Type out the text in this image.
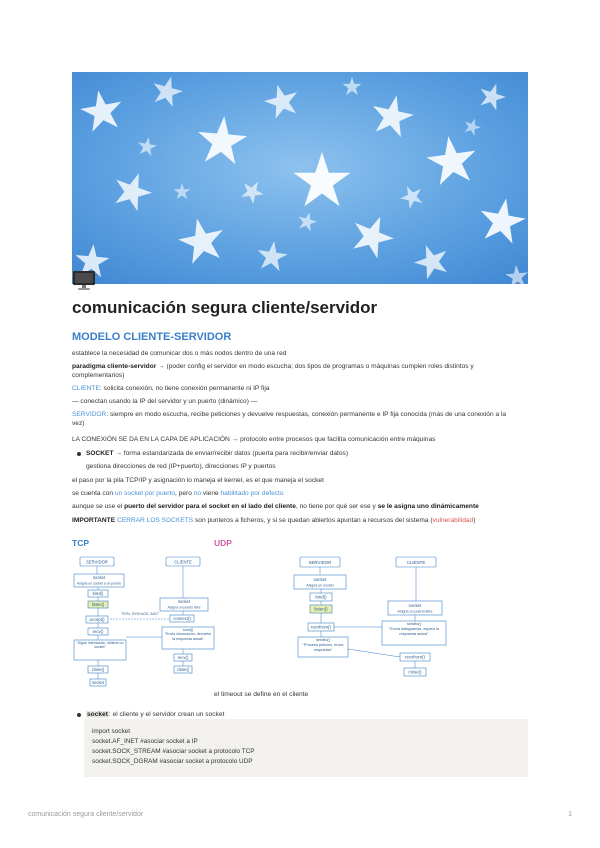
comunicación segura cliente/servidor
MODELO CLIENTE-SERVIDOR

establece la necesidad de comunicar dos o más nodos dentro de una red

paradigma cliente-servidor → (poder config el servidor en modo escucha; dos tipos de programas o máquinas cumplen roles distintos y complementarios)

CLIENTE: solicita conexión, no tiene conexión permanente ni IP fija

— conectan usando la IP del servidor y un puerto (dinámico) —

SERVIDOR: siempre en modo escucha, recibe peticiones y devuelve respuestas, conexión permanente e IP fija conocida (más de una conexión a la vez)

LA CONEXIÓN SE DA EN LA CAPA DE APLICACIÓN → protocolo entre procesos que facilita comunicación entre máquinas

SOCKET → forma estandarizada de enviar/recibir datos (puerta para recibir/enviar datos)

gestiona direcciones de red (IP+puerto), direcciones IP y puertos

el paso por la pila TCP/IP y asignación lo maneja el kernel, es el que maneja el socket

se cuenta con un socket por puerto, pero no viene habilitado por defecto

aunque se use el puerto del servidor para el socket en el lado del cliente, no tiene por qué ser ese y se le asigna uno dinámicamente

IMPORTANTE CERRAR LOS SOCKETS son punteros a ficheros, y si se quedan abiertos apuntan a recursos del sistema (vulnerabilidad)

TCP	UDP

SERVIDOR	CLIENTE
socket
Asigna un socket a un puerto
bind()
listen()
socket
Asigna un puerto libre
accept()
"SYN, SYN+ACK, ACK"
connect()
recv()
"Sigue intentando, obtiene un socket"
send()
"Envía información, devuelve la respuesta actual"
recv()
close()	close()
socket
SERVIDOR	CLIENTE
socket
Asigna un socket
bind()
listen()
socket
Asigna un puerto libre
recvfrom()
sendto()
"Envía datagramas, espera la respuesta actual"
sendto()
"Procesa petición, envía respuesta"
recvfrom()
close()

el timeout se define en el cliente

socket: el cliente y el servidor crean un socket

import socket
socket.AF_INET #asociar socket a IP
socket.SOCK_STREAM #asociar socket a protocolo TCP
socket.SOCK_DGRAM #asociar socket a protocolo UDP

comunicación segura cliente/servidor	1
